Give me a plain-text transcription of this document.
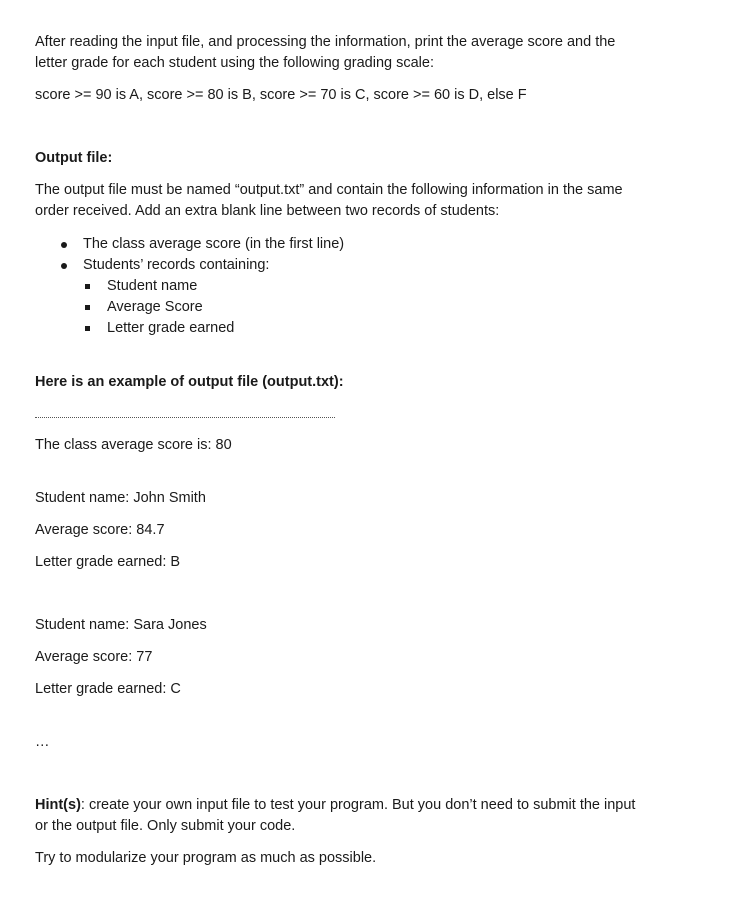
After reading the input file, and processing the information, print the average score and the

letter grade for each student using the following grading scale:

score >= 90 is A, score >= 80 is B, score >= 70 is C, score >= 60 is D, else F

Output file:

The output file must be named “output.txt” and contain the following information in the same

order received. Add an extra blank line between two records of students:

The class average score (in the first line)
Students’ records containing:
Student name
Average Score
Letter grade earned

Here is an example of output file (output.txt):

The class average score is: 80

Student name: John Smith

Average score: 84.7

Letter grade earned: B

Student name: Sara Jones

Average score: 77

Letter grade earned: C

…

Hint(s): create your own input file to test your program. But you don’t need to submit the input

or the output file. Only submit your code.

Try to modularize your program as much as possible.
